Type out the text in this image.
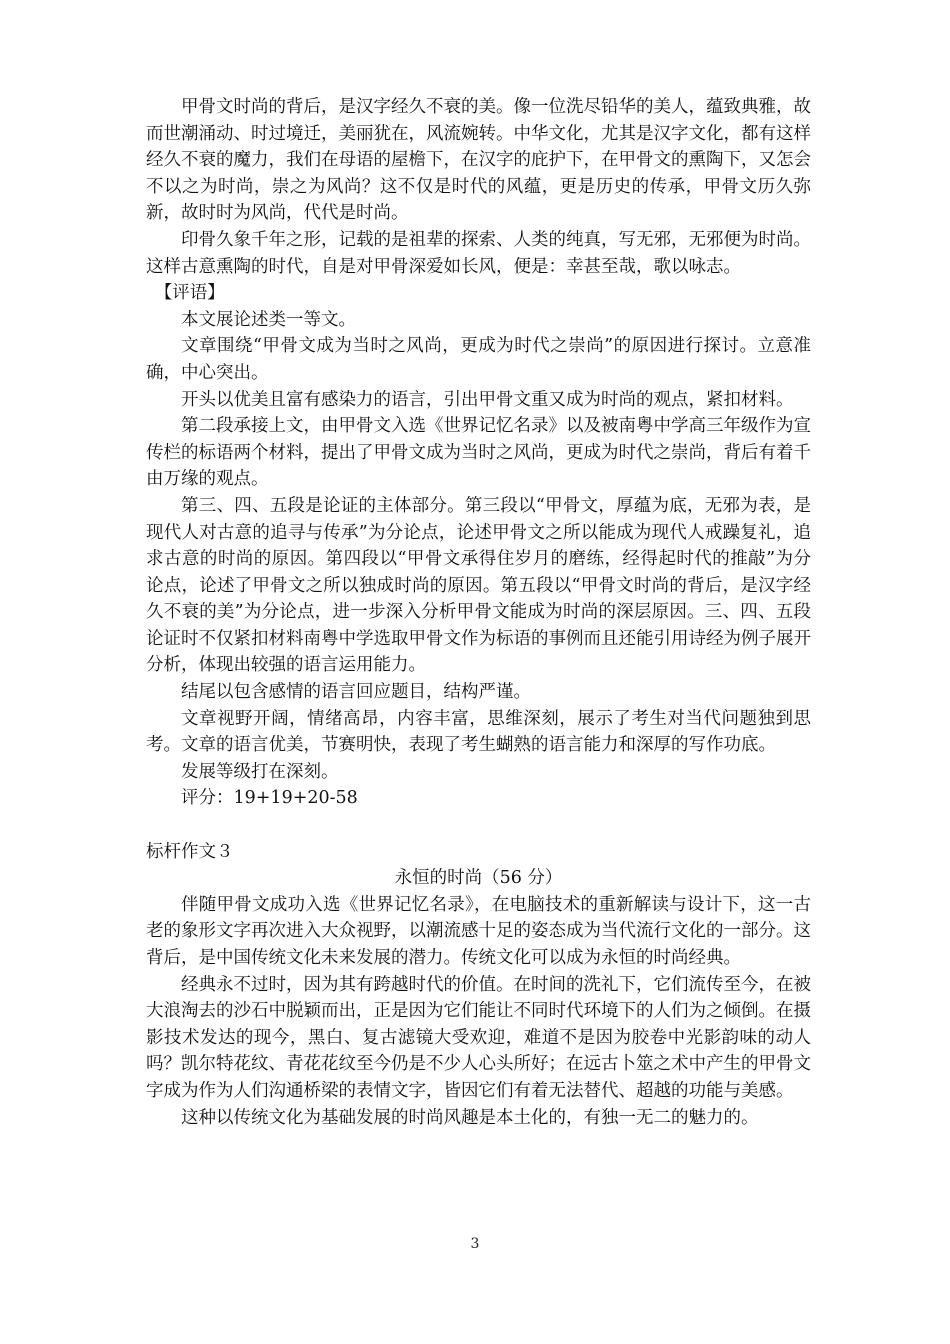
甲骨文时尚的背后，是汉字经久不衰的美。像一位洗尽铅华的美人，蕴致典雅，故而世潮涌动、时过境迁，美丽犹在，风流婉转。中华文化，尤其是汉字文化，都有这样经久不衰的魔力，我们在母语的屋檐下，在汉字的庇护下，在甲骨文的熏陶下，又怎会不以之为时尚，崇之为风尚？这不仅是时代的风蕴，更是历史的传承，甲骨文历久弥新，故时时为风尚，代代是时尚。

印骨久象千年之形，记载的是祖辈的探索、人类的纯真，写无邪，无邪便为时尚。这样古意熏陶的时代，自是对甲骨深爱如长风，便是：幸甚至哉，歌以咏志。

【评语】

本文展论述类一等文。

文章围绕“甲骨文成为当时之风尚，更成为时代之崇尚”的原因进行探讨。立意准确，中心突出。

开头以优美且富有感染力的语言，引出甲骨文重又成为时尚的观点，紧扣材料。

第二段承接上文，由甲骨文入选《世界记忆名录》以及被南粤中学高三年级作为宣传栏的标语两个材料，提出了甲骨文成为当时之风尚，更成为时代之崇尚，背后有着千由万缘的观点。

第三、四、五段是论证的主体部分。第三段以“甲骨文，厚蕴为底，无邪为表，是现代人对古意的追寻与传承”为分论点，论述甲骨文之所以能成为现代人戒躁复礼，追求古意的时尚的原因。第四段以“甲骨文承得住岁月的磨练，经得起时代的推敲”为分论点，论述了甲骨文之所以独成时尚的原因。第五段以“甲骨文时尚的背后，是汉字经久不衰的美”为分论点，进一步深入分析甲骨文能成为时尚的深层原因。三、四、五段论证时不仅紧扣材料南粤中学选取甲骨文作为标语的事例而且还能引用诗经为例子展开分析，体现出较强的语言运用能力。

结尾以包含感情的语言回应题目，结构严谨。

文章视野开阔，情绪高昂，内容丰富，思维深刻，展示了考生对当代问题独到思考。文章的语言优美，节赛明快，表现了考生蝴熟的语言能力和深厚的写作功底。

发展等级打在深刻。

评分：19+19+20-58

标杆作文３

永恒的时尚（56 分）

伴随甲骨文成功入选《世界记忆名录》，在电脑技术的重新解读与设计下，这一古老的象形文字再次进入大众视野，以潮流感十足的姿态成为当代流行文化的一部分。这背后，是中国传统文化未来发展的潜力。传统文化可以成为永恒的时尚经典。

经典永不过时，因为其有跨越时代的价值。在时间的洗礼下，它们流传至今，在被大浪淘去的沙石中脱颖而出，正是因为它们能让不同时代环境下的人们为之倾倒。在摄影技术发达的现今，黑白、复古滤镜大受欢迎，难道不是因为胶卷中光影韵味的动人吗？凯尔特花纹、青花花纹至今仍是不少人心头所好；在远古卜筮之术中产生的甲骨文字成为作为人们沟通桥梁的表情文字，皆因它们有着无法替代、超越的功能与美感。

这种以传统文化为基础发展的时尚风趣是本土化的，有独一无二的魅力的。

3
